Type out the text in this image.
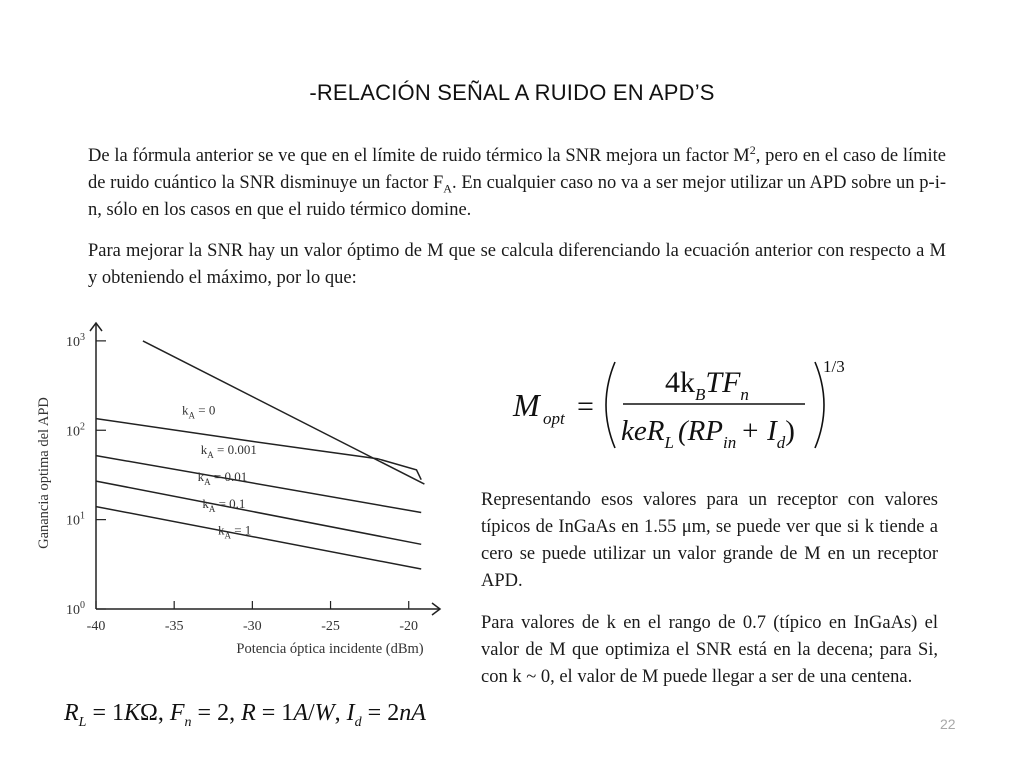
-RELACIÓN SEÑAL A RUIDO EN APD’S

De la fórmula anterior se ve que en el límite de ruido térmico la SNR mejora un factor $M^2$, pero en el caso de límite de ruido cuántico la SNR disminuye un factor $F_A$. En cualquier caso no va a ser mejor utilizar un APD sobre un p-i-n, sólo en los casos en que el ruido térmico domine.

Para mejorar la SNR hay un valor óptimo de M que se calcula diferenciando la ecuación anterior con respecto a M y obteniendo el máximo, por lo que:

-40	-35	-30	-25	-20
$10^0$
$10^1$
$10^2$
$10^3$
$k_A = 0$
$k_A = 0.001$
$k_A = 0.01$
$k_A = 0.1$
$k_A = 1$
Potencia óptica incidente (dBm)
Ganancia optima del APD	M opt =
$4k_BTF_n$
keR$_L$ $(RP_{in} + I_d)$
1/3

Representando esos valores para un receptor con valores típicos de InGaAs en 1.55 μm, se puede ver que si k tiende a cero se puede utilizar un valor grande de M en un receptor APD.

Para valores de k en el rango de 0.7 (típico en InGaAs) el valor de M que optimiza el SNR está en la decena; para Si, con k ~ 0, el valor de M puede llegar a ser de una centena.

$R_L = 1K\Omega$, $F_n = 2$, R = 1A/W, $I_d = 2nA$	22
